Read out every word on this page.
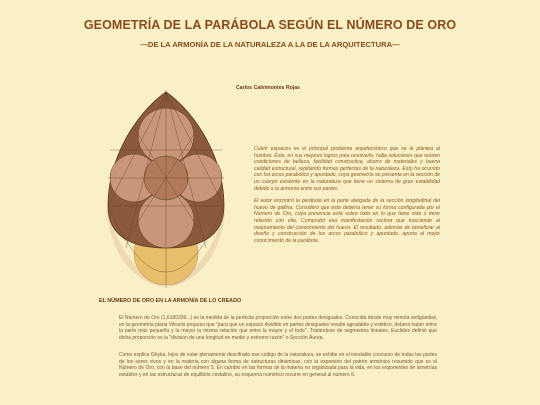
GEOMETRÍA DE LA PARÁBOLA SEGÚN EL NÚMERO DE ORO
—DE LA ARMONÍA DE LA NATURALEZA A LA DE LA ARQUITECTURA—
Carlos Calvimontes Rojas

Cubrir espacios es el principal problema arquitectónico que se le plantea al hombre. Éste, en sus mejores logros para resolverlo, halla soluciones que reúnen condiciones de belleza, facilidad constructiva, ahorro de materiales y buena calidad estructural, repitiendo formas perfectas de la naturaleza. Esto ha ocurrido con los arcos parabólico y apuntado, cuya geometría se presenta en la sección de un cuerpo existente en la naturaleza que tiene un sistema de gran estabilidad debido a la armonía entre sus partes.

El autor encontró la parábola en la parte alargada de la sección longitudinal del huevo de gallina. Consideró que éste debería tener su forma configurada por el Número de Oro, cuya presencia está sobre todo en lo que tiene vida o tiene relación con ella. Comprobó esa manifestación rectora que trasciende al mejoramiento del conocimiento del huevo. El resultado, además de beneficiar al diseño y construcción de los arcos parabólico y apuntado, aporta al mejor conocimiento de la parábola.

EL NÚMERO DE ORO EN LA ARMONÍA DE LO CREADO

El Número de Oro (1,6180339...) es la medida de la perfecta proporción entre dos partes desiguales. Conocida desde muy remota antigüedad, en la geometría plana Vitruvio propuso que "para que un espacio dividido en partes desiguales resulte agradable y estético, deberá haber entre la parte más pequeña y la mayor la misma relación que entre la mayor y el todo". Tratándose de segmentos lineales, Euclides definió que dicha proporción es la "división de una longitud en medio y extremo razón" o Sección Áurea.

Como explica Ghyka, lejos de estar plenamente descifrado ese código de la naturaleza, se exhibe en el inestable concurso de todas las partes de los seres vivos y en la materia con alguna forma de estructuras dinámicas, con la expresión del patrón armónico resumido que es el Número de Oro, con la base del número 5. En cambio en las formas de la materia no organizada para la vida, en los exponentes de simetrías estables y en las estructuras de equilibrio cristalino, su esquema numérico recurre en general al número 6.
